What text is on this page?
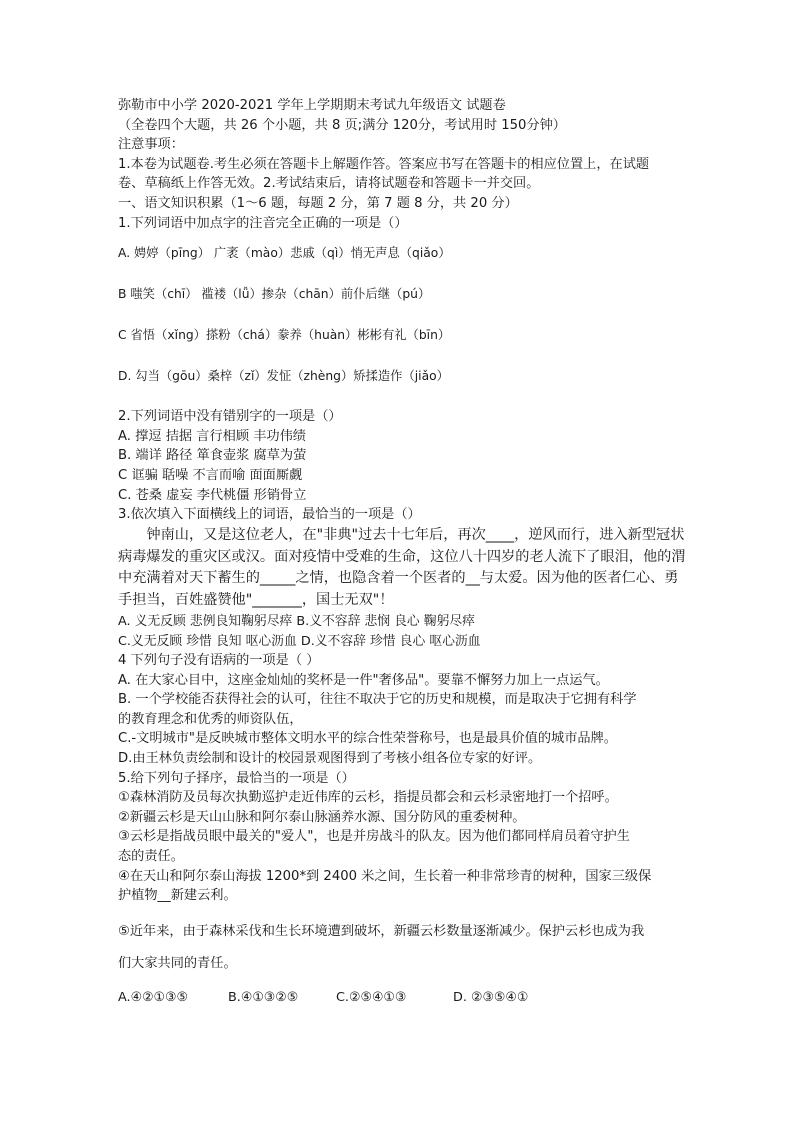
弥勒市中小学 2020-2021 学年上学期期末考试九年级语文 试题卷
（全卷四个大题，共 26 个小题，共 8 页;满分 120分，考试用时 150分钟）
注意事项：
1.本卷为试题卷.考生必须在答题卡上解题作答。答案应书写在答题卡的相应位置上，在试题
卷、草稿纸上作答无效。2.考试结束后，请将试题卷和答题卡一并交回。
一、语文知识积累（1～6 题，每题 2 分，第 7 题 8 分，共 20 分）
1.下列词语中加点字的注音完全正确的一项是（）
A. 娉婷（pīng） 广袤（mào）悲戚（qì）悄无声息（qiǎo）
B 嗤笑（chī） 褴褛（lǚ）掺杂（chān）前仆后继（pú）
C 省悟（xǐng）搽粉（chá）豢养（huàn）彬彬有礼（bīn）
D. 勾当（gōu）桑梓（zǐ）发怔（zhèng）矫揉造作（jiǎo）
2.下列词语中没有错别字的一项是（）
A. 撑逗 拮据 言行相顾 丰功伟绩
B. 端详 路径 箪食壶浆 腐草为萤
C 诓骗 聒噪 不言而喻 面面厮觑
C. 苍桑 虚妄 李代桃僵 形销骨立
3.依次填入下面横线上的词语，最恰当的一项是（）
钟南山，又是这位老人，在"非典"过去十七年后，再次____，逆风而行，进入新型冠状
病毒爆发的重灾区或汉。面对疫情中受难的生命，这位八十四岁的老人流下了眼泪，他的渭
中充满着对天下蓄生的_____之情，也隐含着一个医者的__与太爱。因为他的医者仁心、勇
手担当，百姓盛赞他"_______，国士无双"！
A. 义无反顾 悲例良知鞠躬尽瘁 B.义不容辞 悲悯 良心 鞠躬尽瘁
C.义无反顾 珍惜 良知 呕心沥血 D.义不容辞 珍惜 良心 呕心沥血
4 下列句子没有语病的一项是（ ）
A. 在大家心目中，这座金灿灿的奖杯是一件"奢侈品"。要靠不懈努力加上一点运气。
B. 一个学校能否获得社会的认可，往往不取决于它的历史和规模，而是取决于它拥有科学
的教育理念和优秀的师资队伍，
C.-文明城市"是反映城市整体文明水平的综合性荣誉称号，也是最具价值的城市品牌。
D.由王林负责绘制和设计的校园景观图得到了考核小组各位专家的好评。
5.给下列句子择序，最恰当的一项是（）
①森林消防及员每次执勤巡护走近伟库的云杉，指提员都会和云杉录密地打一个招呼。
②新疆云杉是天山山脉和阿尔泰山脉涵养水源、国分防风的重委树种。
③云杉是指战员眼中最关的"爱人"，也是并房战斗的队友。因为他们都同样肩员着守护生
态的责任。
④在天山和阿尔泰山海拔 1200*到 2400 米之间，生长着一种非常珍青的树种，国家三级保
护植物__新建云利。
⑤近年来，由于森林采伐和生长环境遭到破坏，新疆云杉数量逐渐减少。保护云杉也成为我
们大家共同的青任。
A.④②①③⑤	B.④①③②⑤	C.②⑤④①③	D. ②③⑤④①
